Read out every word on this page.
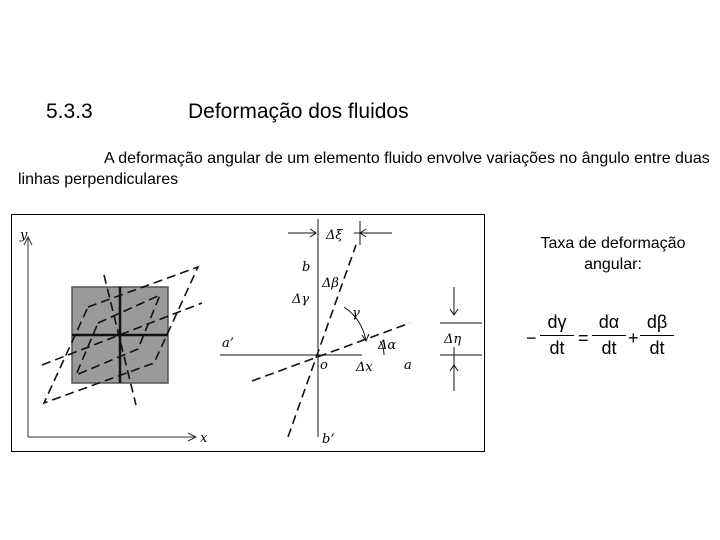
5.3.3	Deformação dos fluidos
A deformação angular de um elemento fluido envolve variações no ângulo entre duas linhas perpendiculares
y
x
Δξ
b
Δβ
Δγ
γ
a’
o Δx
Δα
a
Δη
b’
Taxa de deformação angular:
−
dγ
dt =
dα
dt +
dβ
dt
